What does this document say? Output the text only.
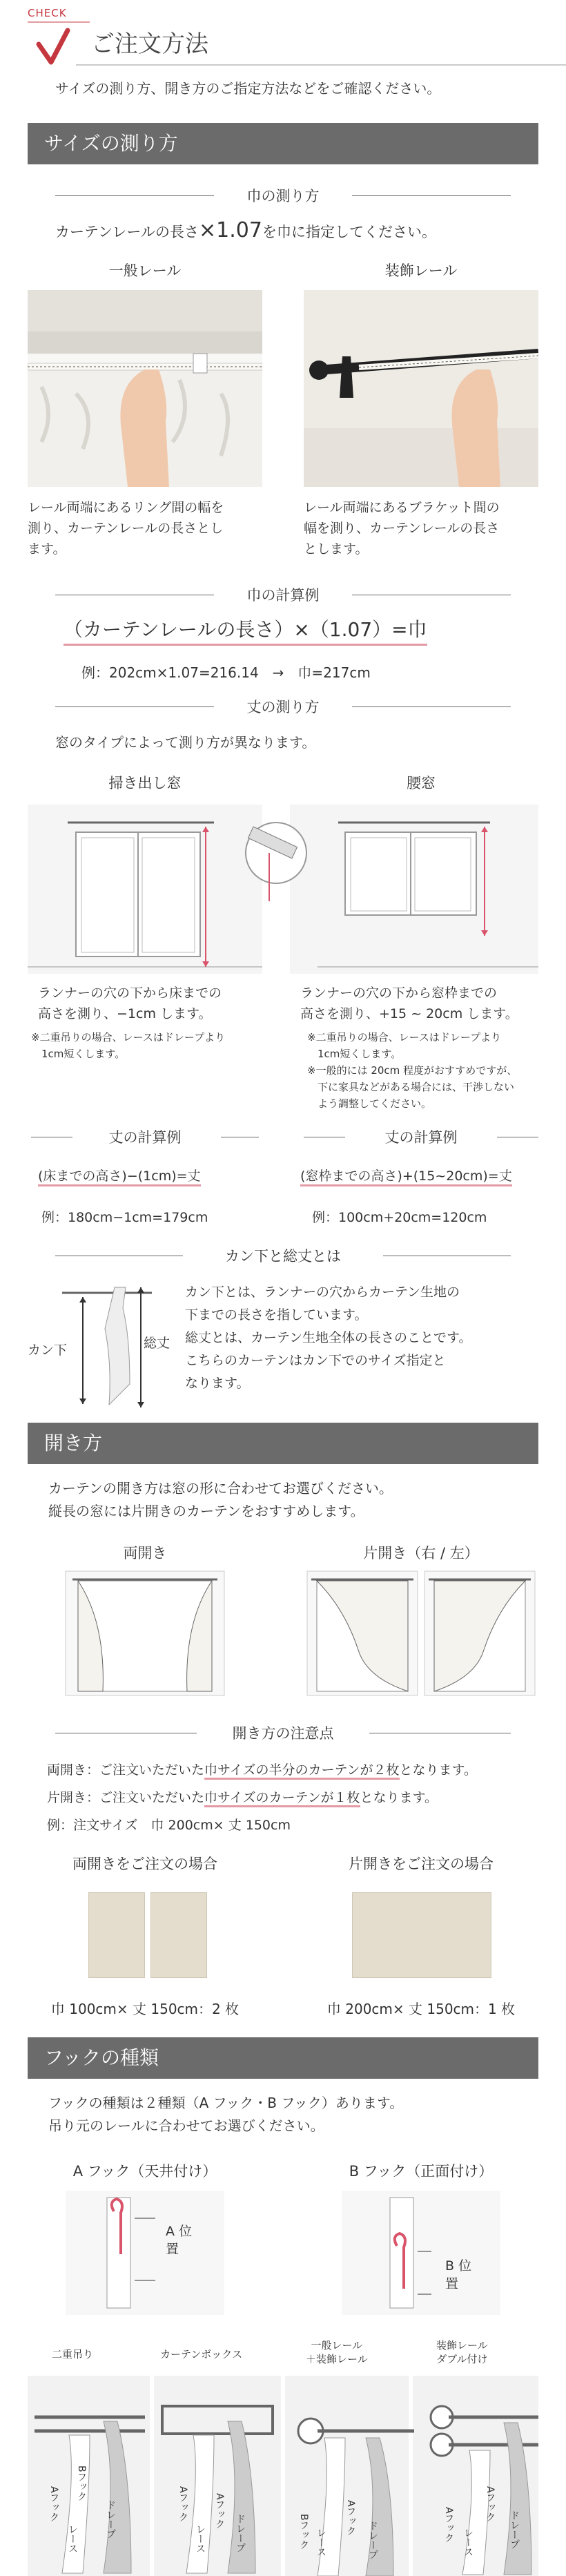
CHECK
ご注文方法
サイズの測り方、開き方のご指定方法などをご確認ください。
サイズの測り方
巾の測り方
カーテンレールの長さ×1.07を巾に指定してください。
一般レール	装飾レール
レール両端にあるリング間の幅を
測り、カーテンレールの長さとし
ます。
レール両端にあるブラケット間の
幅を測り、カーテンレールの長さ
とします。
巾の計算例
（カーテンレールの長さ）×（1.07）=巾
例：202cm×1.07=216.14　→　巾=217cm
丈の測り方
窓のタイプによって測り方が異なります。
掃き出し窓	腰窓
ランナーの穴の下から床までの
高さを測り、−1cm します。
※二重吊りの場合、レースはドレープより
1cm短くします。
ランナーの穴の下から窓枠までの
高さを測り、+15 ~ 20cm します。
※二重吊りの場合、レースはドレープより
1cm短くします。
※一般的には 20cm 程度がおすすめですが、
下に家具などがある場合には、干渉しない
よう調整してください。
丈の計算例	丈の計算例
(床までの高さ)−(1cm)=丈	(窓枠までの高さ)+(15~20cm)=丈
例：180cm−1cm=179cm	例：100cm+20cm=120cm
カン下と総丈とは
カン下	総丈
カン下とは、ランナーの穴からカーテン生地の
下までの長さを指しています。
総丈とは、カーテン生地全体の長さのことです。
こちらのカーテンはカン下でのサイズ指定と
なります。
開き方
カーテンの開き方は窓の形に合わせてお選びください。
縦長の窓には片開きのカーテンをおすすめします。
両開き	片開き（右 / 左）
開き方の注意点
両開き：ご注文いただいた巾サイズの半分のカーテンが２枚となります。
片開き：ご注文いただいた巾サイズのカーテンが１枚となります。
例：注文サイズ　巾 200cm× 丈 150cm
両開きをご注文の場合	片開きをご注文の場合
巾 100cm× 丈 150cm：2 枚	巾 200cm× 丈 150cm：1 枚
フックの種類
フックの種類は２種類（A フック・B フック）あります。
吊り元のレールに合わせてお選びください。
A フック（天井付け）	B フック（正面付け）
A 位置
B 位置
二重吊り	カーテンボックス
一般レール
＋装飾レール
装飾レール
ダブル付け
Aフック
Bフック
レース	ドレープ	Aフック
レース
Aフック
ドレープ	Bフック レース
Aフック
ドレープ	Aフック レース
Aフック
ドレープ
